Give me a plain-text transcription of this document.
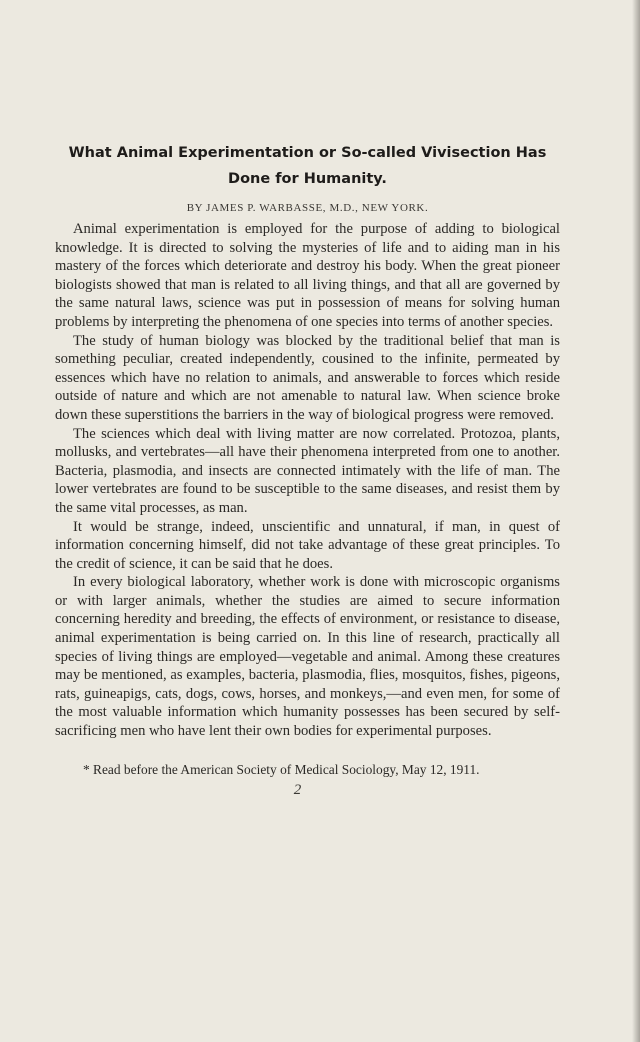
What Animal Experimentation or So-called Vivisection Has
Done for Humanity.
BY JAMES P. WARBASSE, M.D., NEW YORK.

Animal experimentation is employed for the purpose of adding to biological knowledge. It is directed to solving the mysteries of life and to aiding man in his mastery of the forces which deteriorate and destroy his body. When the great pioneer biologists showed that man is related to all living things, and that all are governed by the same natural laws, science was put in possession of means for solving human problems by interpreting the phenomena of one species into terms of another species.

The study of human biology was blocked by the traditional belief that man is something peculiar, created independently, cousined to the infinite, permeated by essences which have no relation to animals, and answerable to forces which reside outside of nature and which are not amenable to natural law. When science broke down these superstitions the barriers in the way of biological progress were removed.

The sciences which deal with living matter are now correlated. Protozoa, plants, mollusks, and vertebrates—all have their phenomena interpreted from one to another. Bacteria, plasmodia, and insects are connected intimately with the life of man. The lower vertebrates are found to be susceptible to the same diseases, and resist them by the same vital processes, as man.

It would be strange, indeed, unscientific and unnatural, if man, in quest of information concerning himself, did not take advantage of these great principles. To the credit of science, it can be said that he does.

In every biological laboratory, whether work is done with microscopic organisms or with larger animals, whether the studies are aimed to secure information concerning heredity and breeding, the effects of environment, or resistance to disease, animal experimentation is being carried on. In this line of research, practically all species of living things are employed—vegetable and animal. Among these creatures may be mentioned, as examples, bacteria, plasmodia, flies, mosquitos, fishes, pigeons, rats, guineapigs, cats, dogs, cows, horses, and monkeys,—and even men, for some of the most valuable information which humanity possesses has been secured by self-sacrificing men who have lent their own bodies for experimental purposes.

* Read before the American Society of Medical Sociology, May 12, 1911.

2
